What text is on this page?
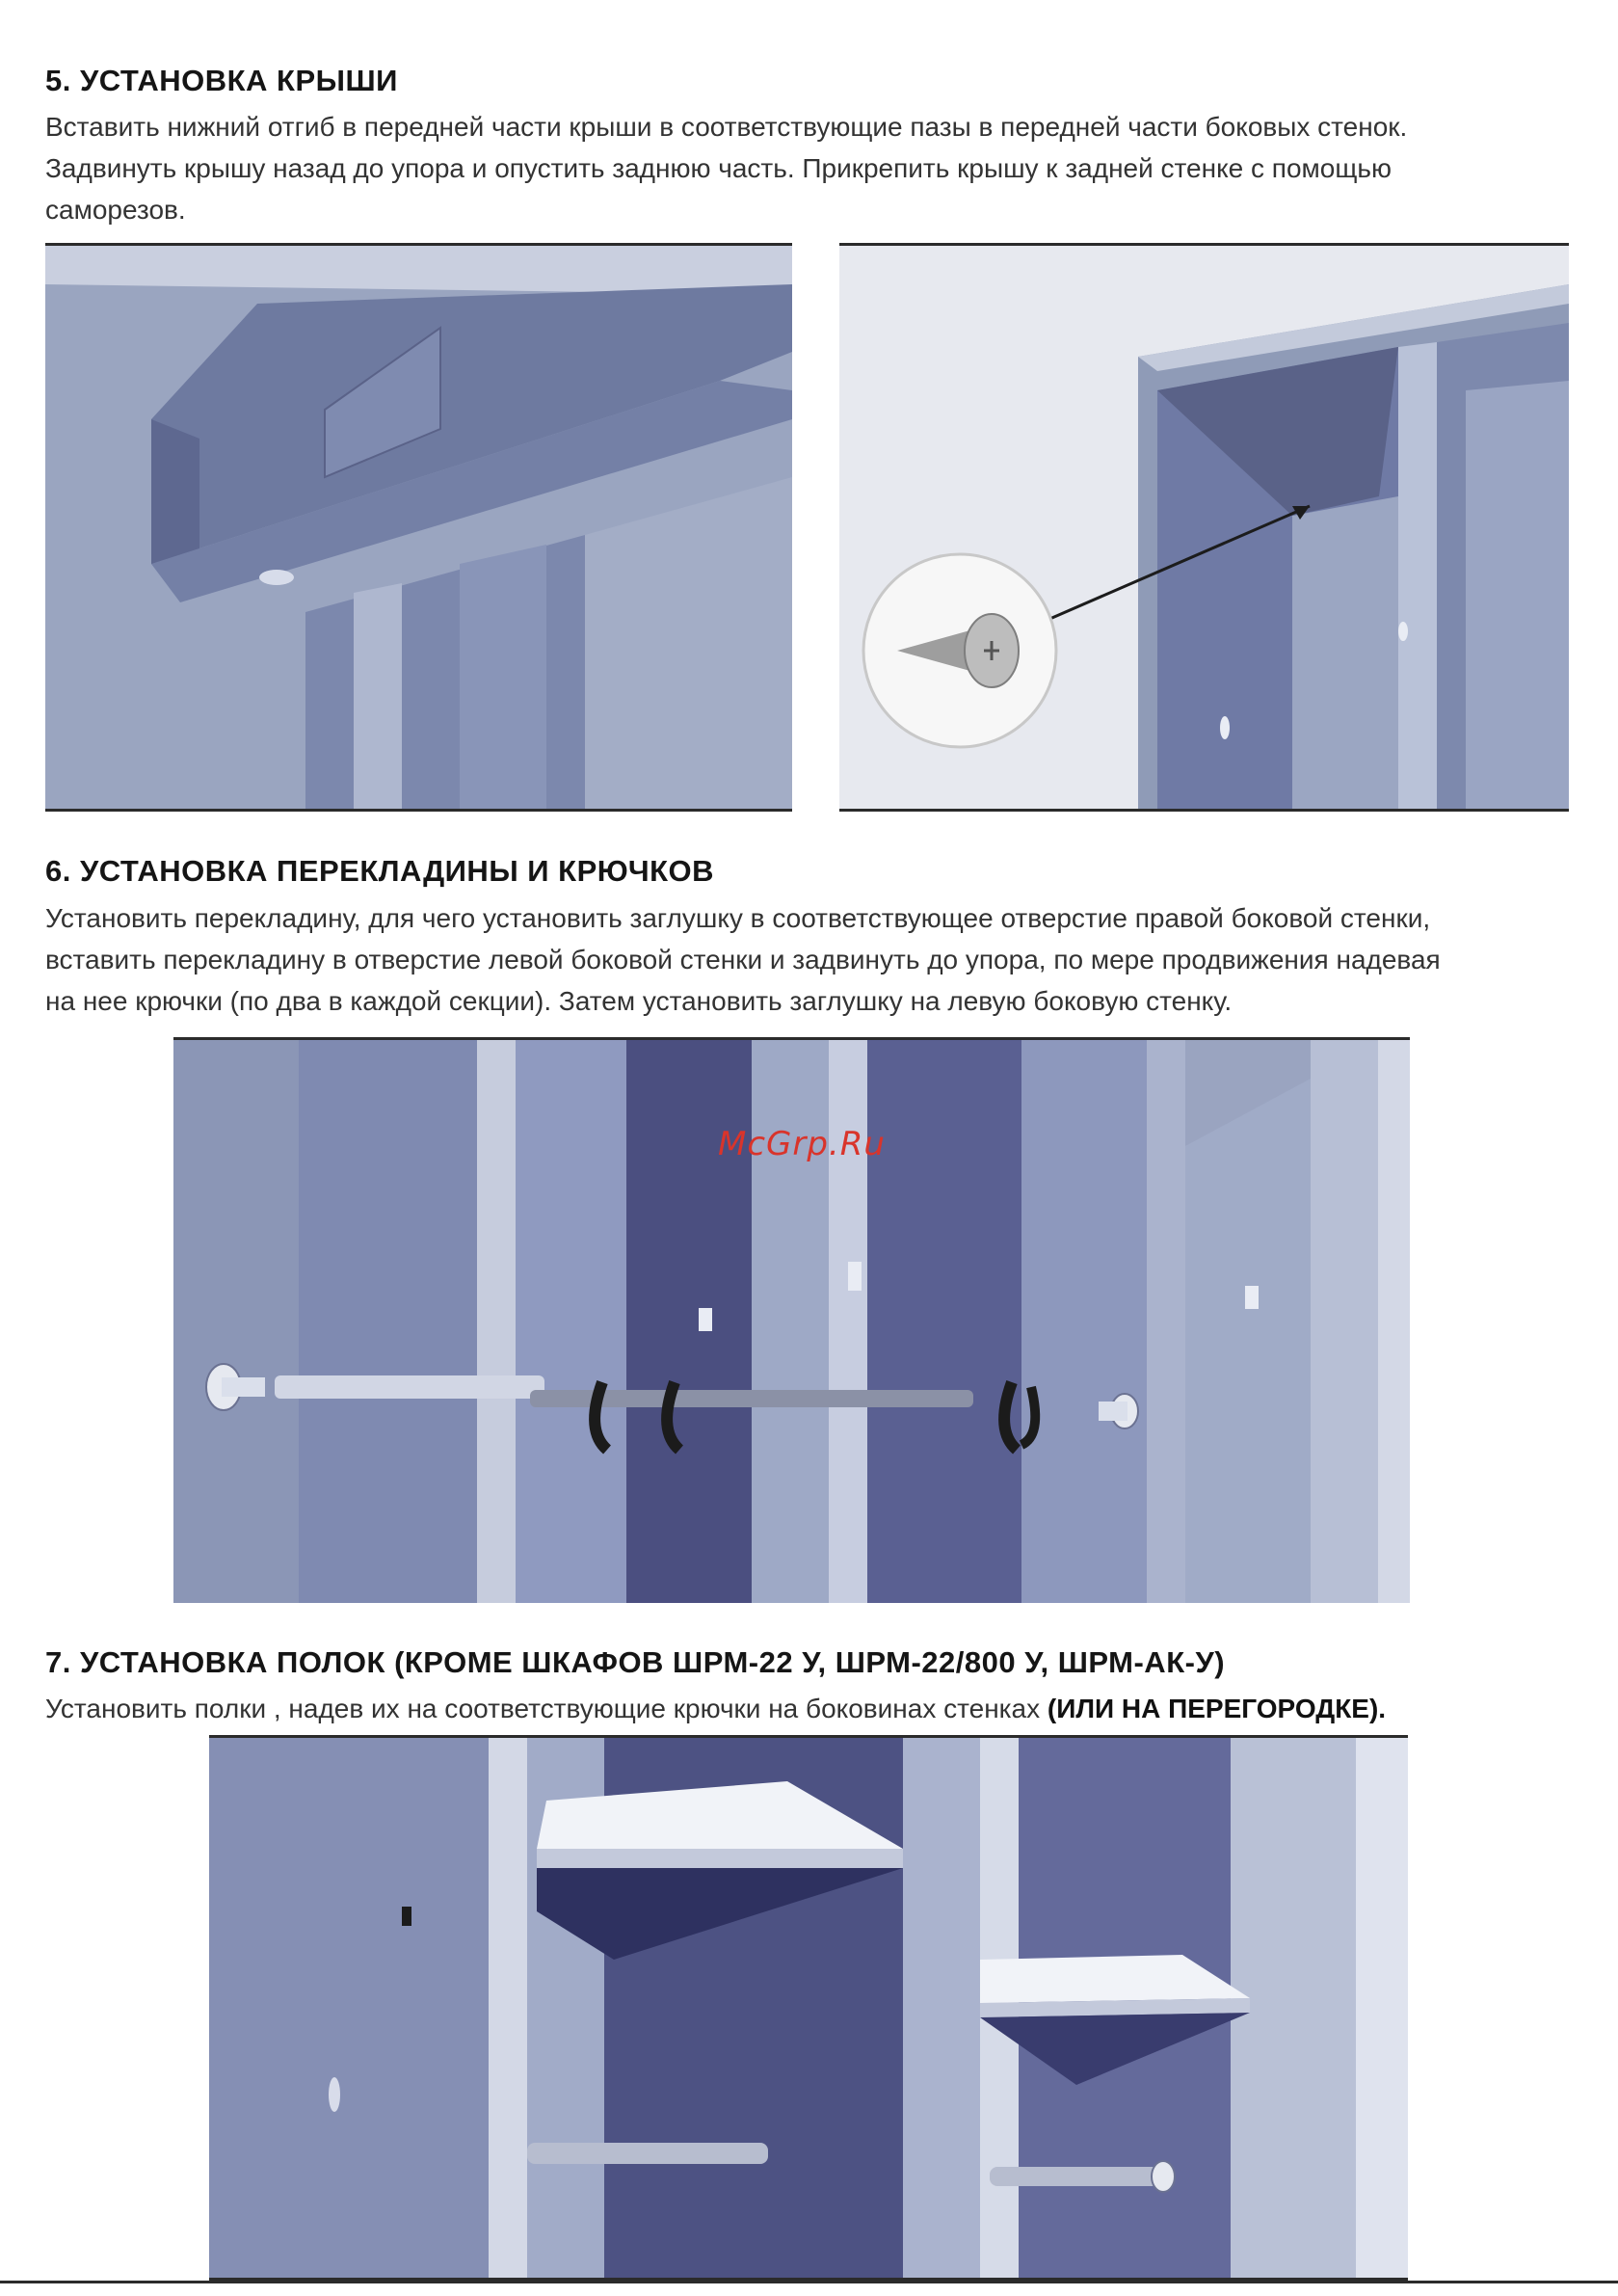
5. УСТАНОВКА КРЫШИ

Вставить нижний отгиб в передней части крыши в соответствующие пазы в передней части боковых стенок.

Задвинуть крышу назад до упора и опустить заднюю часть. Прикрепить крышу к задней стенке с помощью

саморезов.

6. УСТАНОВКА ПЕРЕКЛАДИНЫ И КРЮЧКОВ

Установить перекладину, для чего установить заглушку в соответствующее отверстие правой боковой стенки,

вставить перекладину в отверстие левой боковой стенки и задвинуть до упора, по мере продвижения надевая

на нее крючки (по два в каждой секции). Затем установить заглушку на левую боковую стенку.

McGrp.Ru
7. УСТАНОВКА ПОЛОК (КРОМЕ ШКАФОВ ШРМ-22 У, ШРМ-22/800 У, ШРМ-АК-У)

Установить полки , надев их на соответствующие крючки на боковинах стенках (ИЛИ НА ПЕРЕГОРОДКЕ).
